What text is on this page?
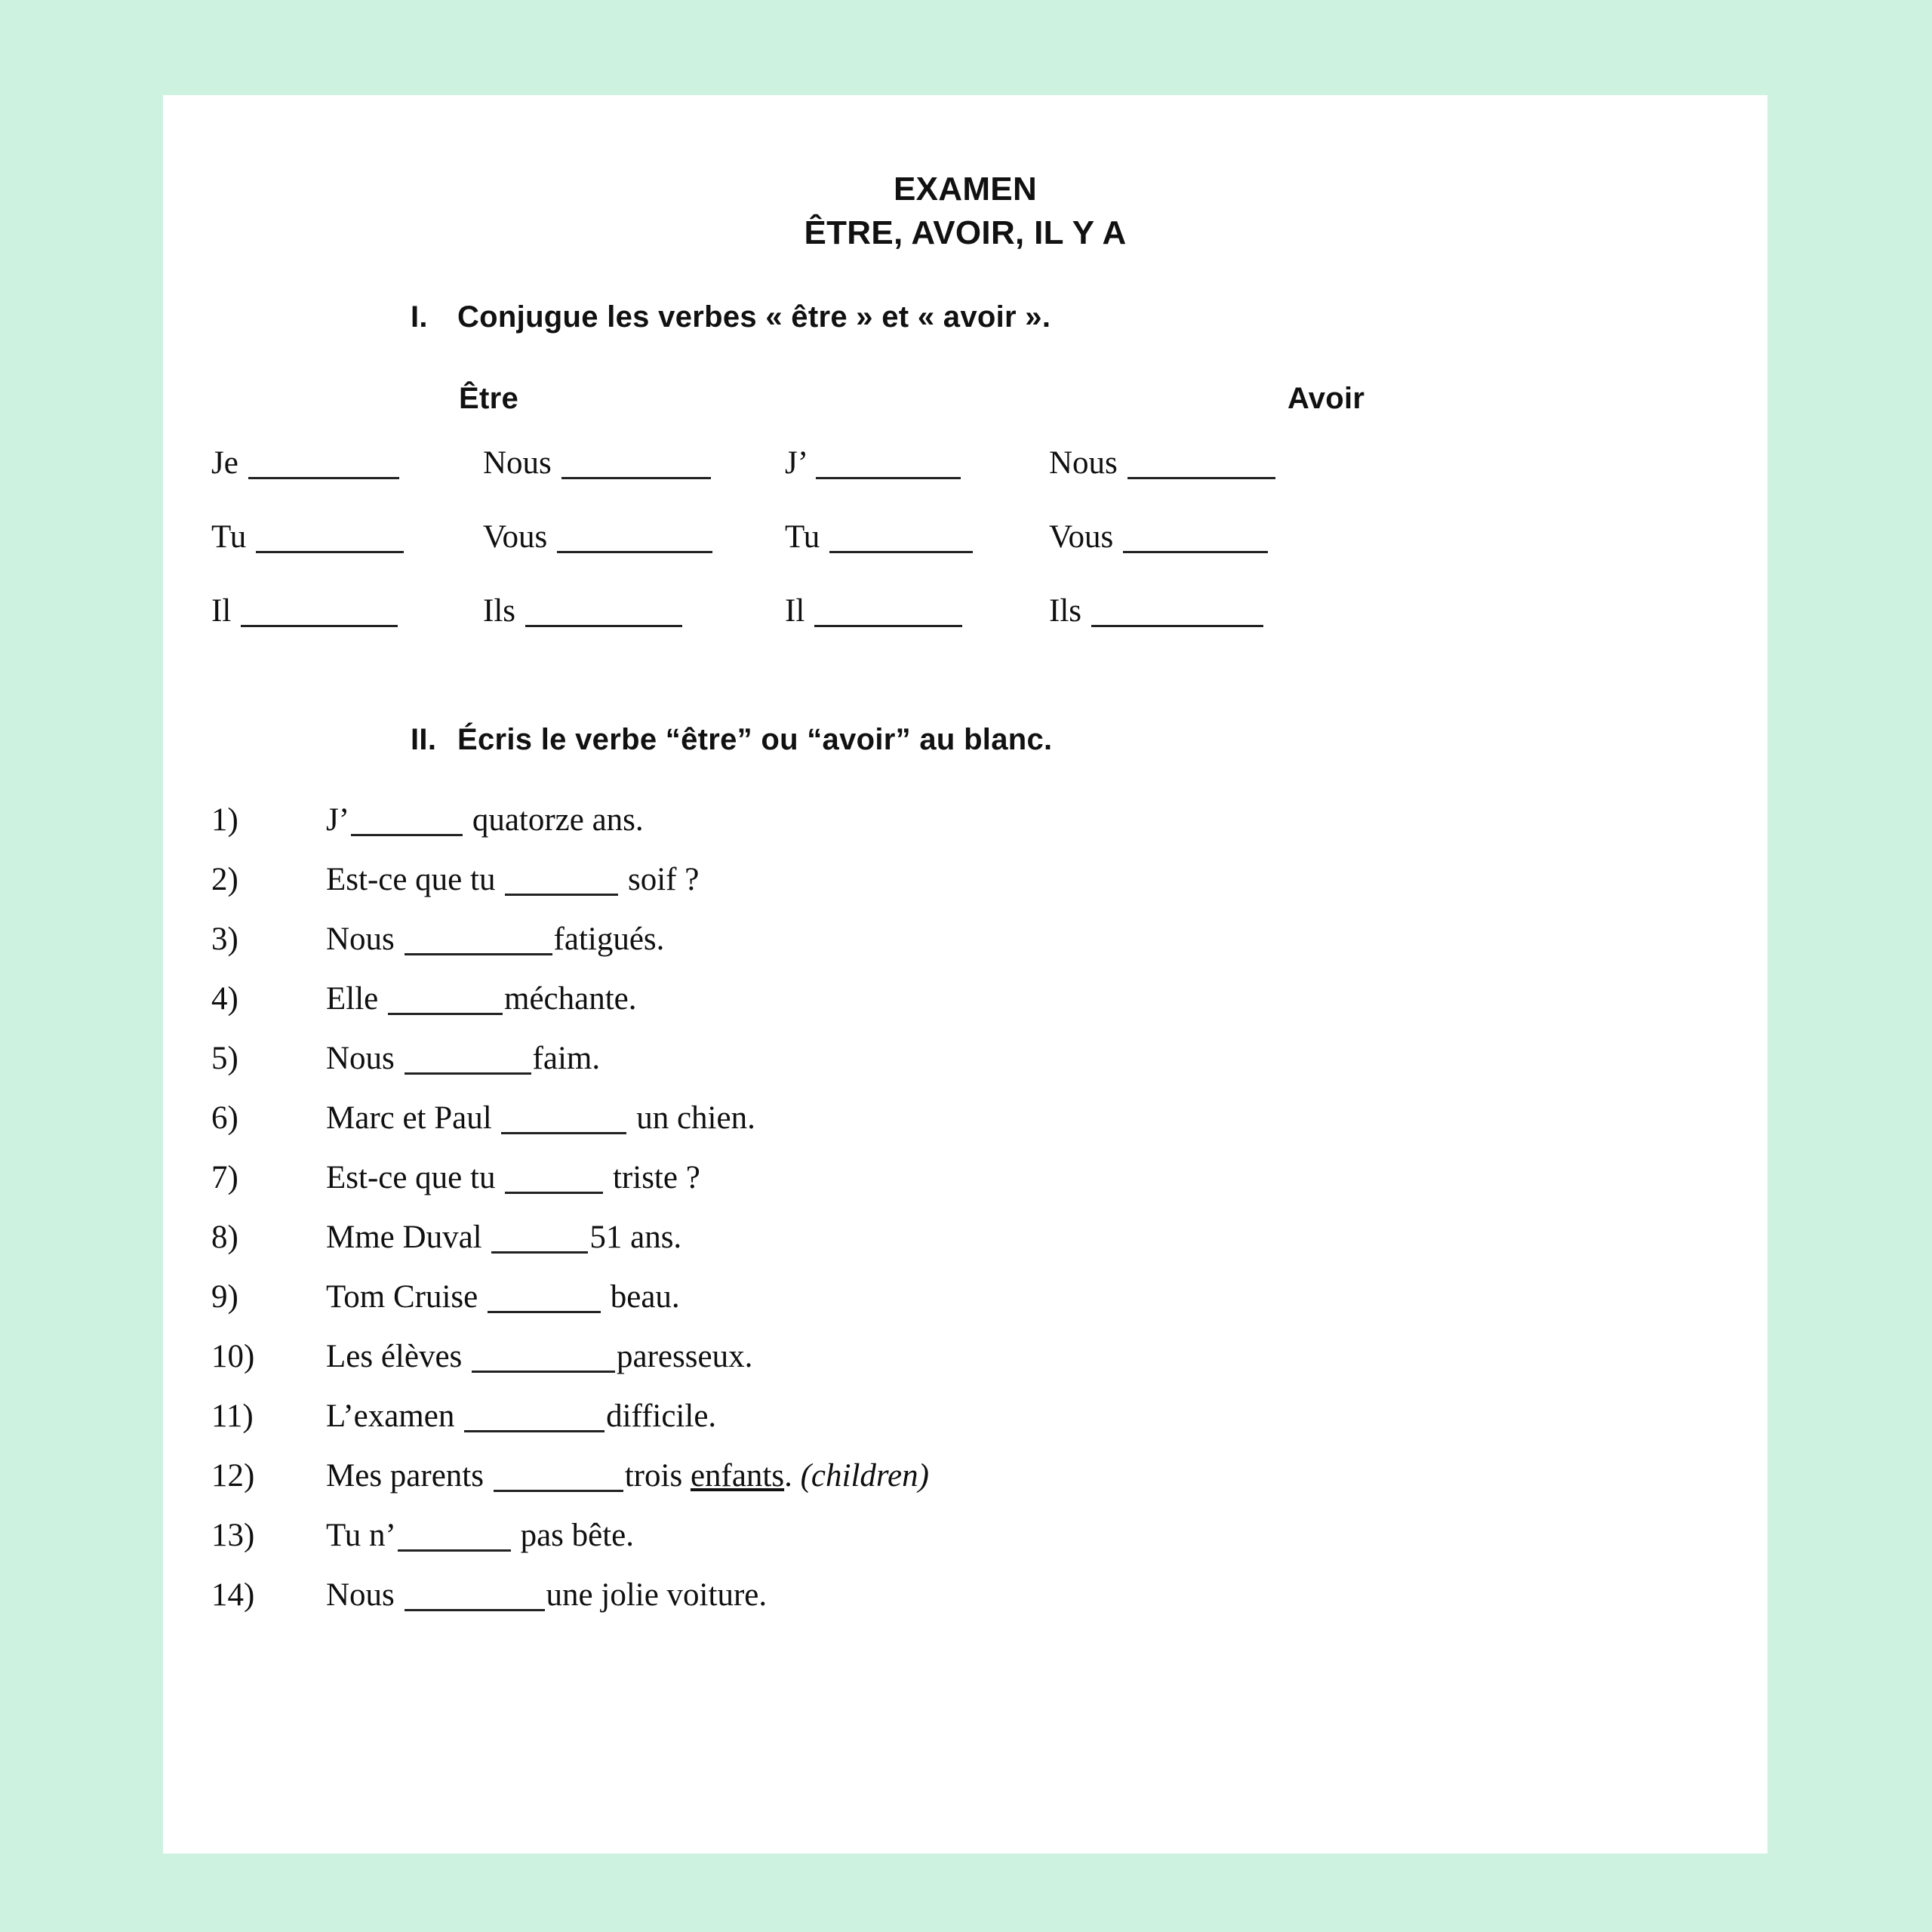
EXAMEN
ÊTRE, AVOIR, IL Y A
I. Conjugue les verbes « être » et « avoir ».
Être	Avoir
Je	Nous	J’	Nous
Tu	Vous	Tu	Vous
Il	Ils	Il	Ils
II. Écris le verbe “être” ou “avoir” au blanc.
1)	J’	quatorze ans.
2)	Est-ce que tu	soif ?
3)	Nous	fatigués.
4)	Elle	méchante.
5)	Nous	faim.
6)	Marc et Paul	un chien.
7)	Est-ce que tu	triste ?
8)	Mme Duval	51 ans.
9)	Tom Cruise	beau.
10)	Les élèves	paresseux.
11)	L’examen	difficile.
12)	Mes parents	trois enfants. (children)
13)	Tu n’	pas bête.
14)	Nous	une jolie voiture.
